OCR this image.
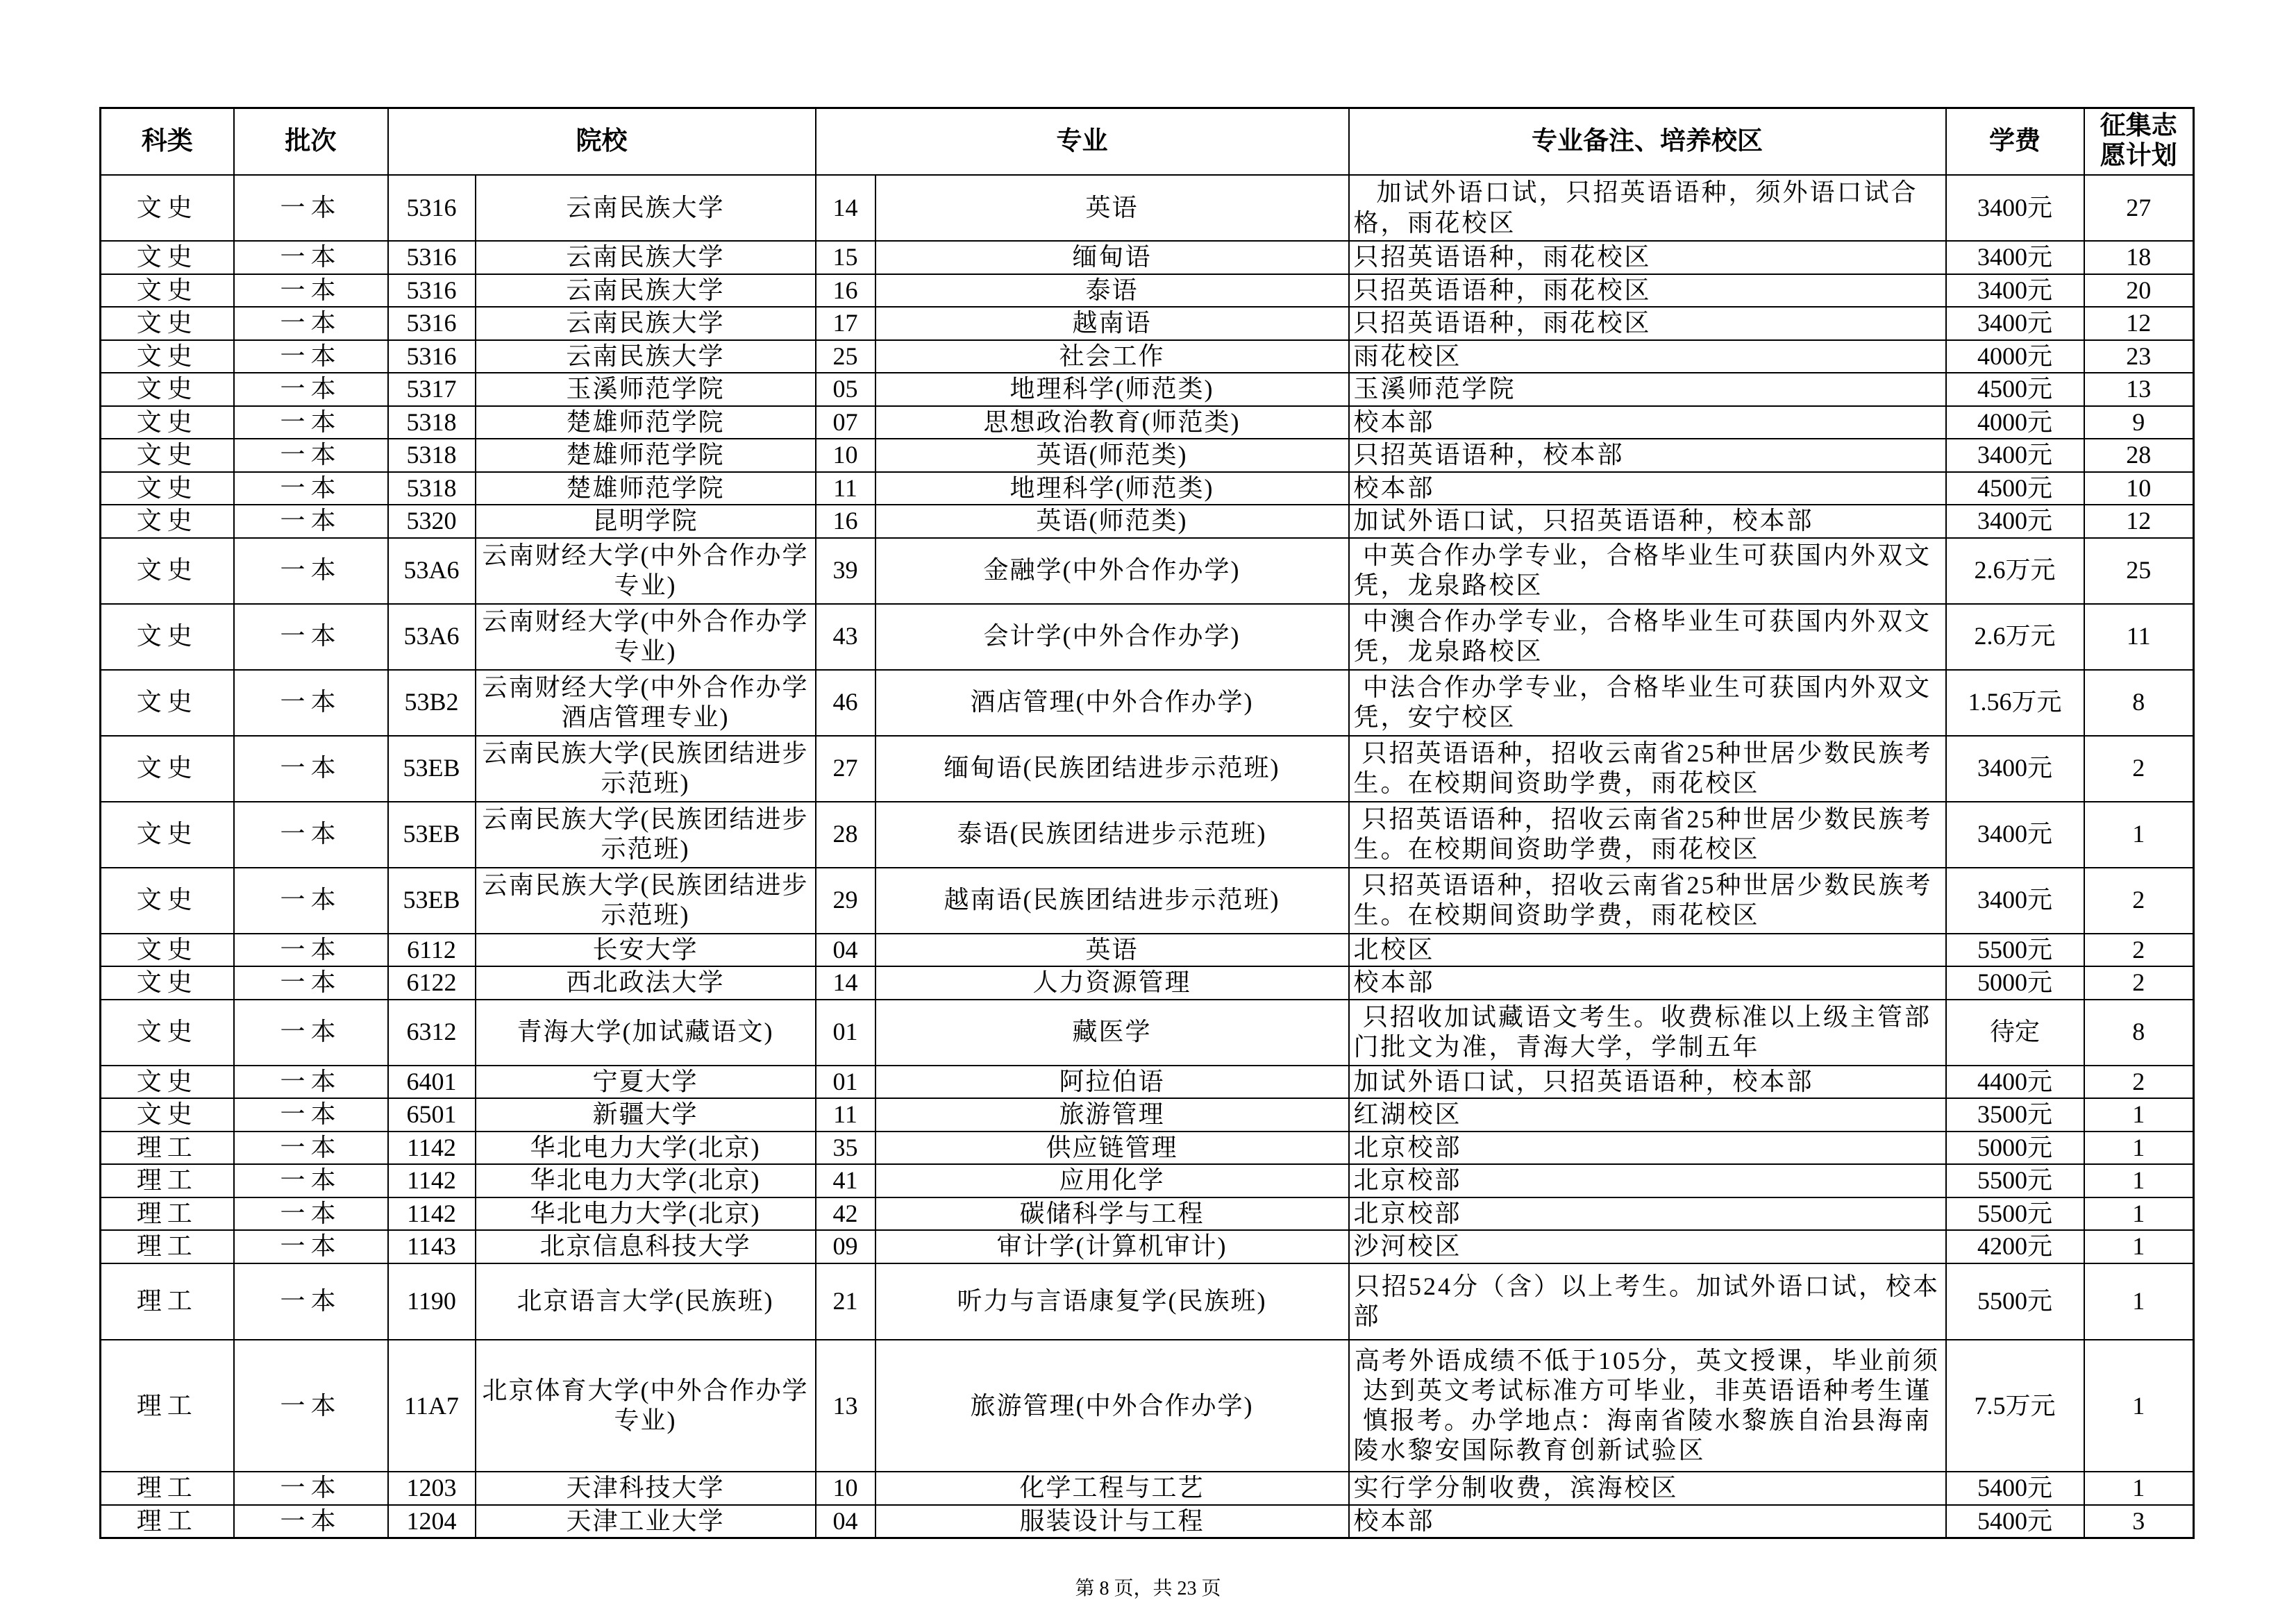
科类	批次	院校		专业		专业备注、培养校区	学费	征集志愿计划
文史	一本	5316	云南民族大学	14	英语	加试外语口试，只招英语语种，须外语口试合格，雨花校区	3400元	27
文史	一本	5316	云南民族大学	15	缅甸语	只招英语语种，雨花校区	3400元	18
文史	一本	5316	云南民族大学	16	泰语	只招英语语种，雨花校区	3400元	20
文史	一本	5316	云南民族大学	17	越南语	只招英语语种，雨花校区	3400元	12
文史	一本	5316	云南民族大学	25	社会工作	雨花校区	4000元	23
文史	一本	5317	玉溪师范学院	05	地理科学(师范类)	玉溪师范学院	4500元	13
文史	一本	5318	楚雄师范学院	07	思想政治教育(师范类)	校本部	4000元	9
文史	一本	5318	楚雄师范学院	10	英语(师范类)	只招英语语种，校本部	3400元	28
文史	一本	5318	楚雄师范学院	11	地理科学(师范类)	校本部	4500元	10
文史	一本	5320	昆明学院	16	英语(师范类)	加试外语口试，只招英语语种，校本部	3400元	12
文史	一本	53A6	云南财经大学(中外合作办学专业)	39	金融学(中外合作办学)	中英合作办学专业，合格毕业生可获国内外双文凭，龙泉路校区	2.6万元	25
文史	一本	53A6	云南财经大学(中外合作办学专业)	43	会计学(中外合作办学)	中澳合作办学专业，合格毕业生可获国内外双文凭，龙泉路校区	2.6万元	11
文史	一本	53B2	云南财经大学(中外合作办学酒店管理专业)	46	酒店管理(中外合作办学)	中法合作办学专业，合格毕业生可获国内外双文凭，安宁校区	1.56万元	8
文史	一本	53EB	云南民族大学(民族团结进步示范班)	27	缅甸语(民族团结进步示范班)	只招英语语种，招收云南省25种世居少数民族考生。在校期间资助学费，雨花校区	3400元	2
文史	一本	53EB	云南民族大学(民族团结进步示范班)	28	泰语(民族团结进步示范班)	只招英语语种，招收云南省25种世居少数民族考生。在校期间资助学费，雨花校区	3400元	1
文史	一本	53EB	云南民族大学(民族团结进步示范班)	29	越南语(民族团结进步示范班)	只招英语语种，招收云南省25种世居少数民族考生。在校期间资助学费，雨花校区	3400元	2
文史	一本	6112	长安大学	04	英语	北校区	5500元	2
文史	一本	6122	西北政法大学	14	人力资源管理	校本部	5000元	2
文史	一本	6312	青海大学(加试藏语文)	01	藏医学	只招收加试藏语文考生。收费标准以上级主管部门批文为准，青海大学，学制五年	待定	8
文史	一本	6401	宁夏大学	01	阿拉伯语	加试外语口试，只招英语语种，校本部	4400元	2
文史	一本	6501	新疆大学	11	旅游管理	红湖校区	3500元	1
理工	一本	1142	华北电力大学(北京)	35	供应链管理	北京校部	5000元	1
理工	一本	1142	华北电力大学(北京)	41	应用化学	北京校部	5500元	1
理工	一本	1142	华北电力大学(北京)	42	碳储科学与工程	北京校部	5500元	1
理工	一本	1143	北京信息科技大学	09	审计学(计算机审计)	沙河校区	4200元	1
理工	一本	1190	北京语言大学(民族班)	21	听力与言语康复学(民族班)	只招524分（含）以上考生。加试外语口试，校本部	5500元	1
理工	一本	11A7	北京体育大学(中外合作办学专业)	13	旅游管理(中外合作办学)	高考外语成绩不低于105分，英文授课，毕业前须达到英文考试标准方可毕业，非英语语种考生谨慎报考。办学地点：海南省陵水黎族自治县海南陵水黎安国际教育创新试验区	7.5万元	1
理工	一本	1203	天津科技大学	10	化学工程与工艺	实行学分制收费，滨海校区	5400元	1
理工	一本	1204	天津工业大学	04	服装设计与工程	校本部	5400元	3
第 8 页，共 23 页
